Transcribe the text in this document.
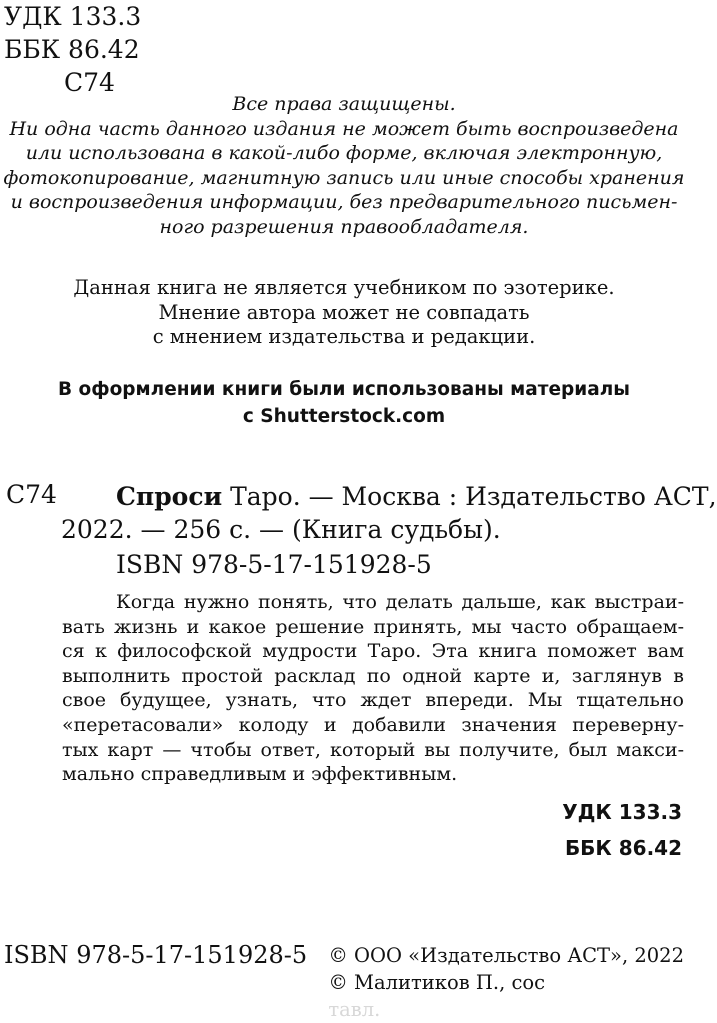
УДК 133.3
ББК 86.42
С74
Все права защищены.
Ни одна часть данного издания не может быть воспроизведена
или использована в какой-либо форме, включая электронную,
фотокопирование, магнитную запись или иные способы хранения
и воспроизведения информации, без предварительного письмен-
ного разрешения правообладателя.
Данная книга не является учебником по эзотерике.
Мнение автора может не совпадать
с мнением издательства и редакции.
В оформлении книги были использованы материалы
с Shutterstock.com
С74 Спроси Таро. — Москва : Издательство АСТ,
2022. — 256 с. — (Книга судьбы).
ISBN 978-5-17-151928-5
Когда нужно понять, что делать дальше, как выстраи-
вать жизнь и какое решение принять, мы часто обращаем-
ся к философской мудрости Таро. Эта книга поможет вам
выполнить простой расклад по одной карте и, заглянув в
свое будущее, узнать, что ждет впереди. Мы тщательно
«перетасовали» колоду и добавили значения переверну-
тых карт — чтобы ответ, который вы получите, был макси-
мально справедливым и эффективным.
УДК 133.3
ББК 86.42
ISBN 978-5-17-151928-5 © ООО «Издательство АСТ», 2022
© Малитиков П., сос
тавл.
